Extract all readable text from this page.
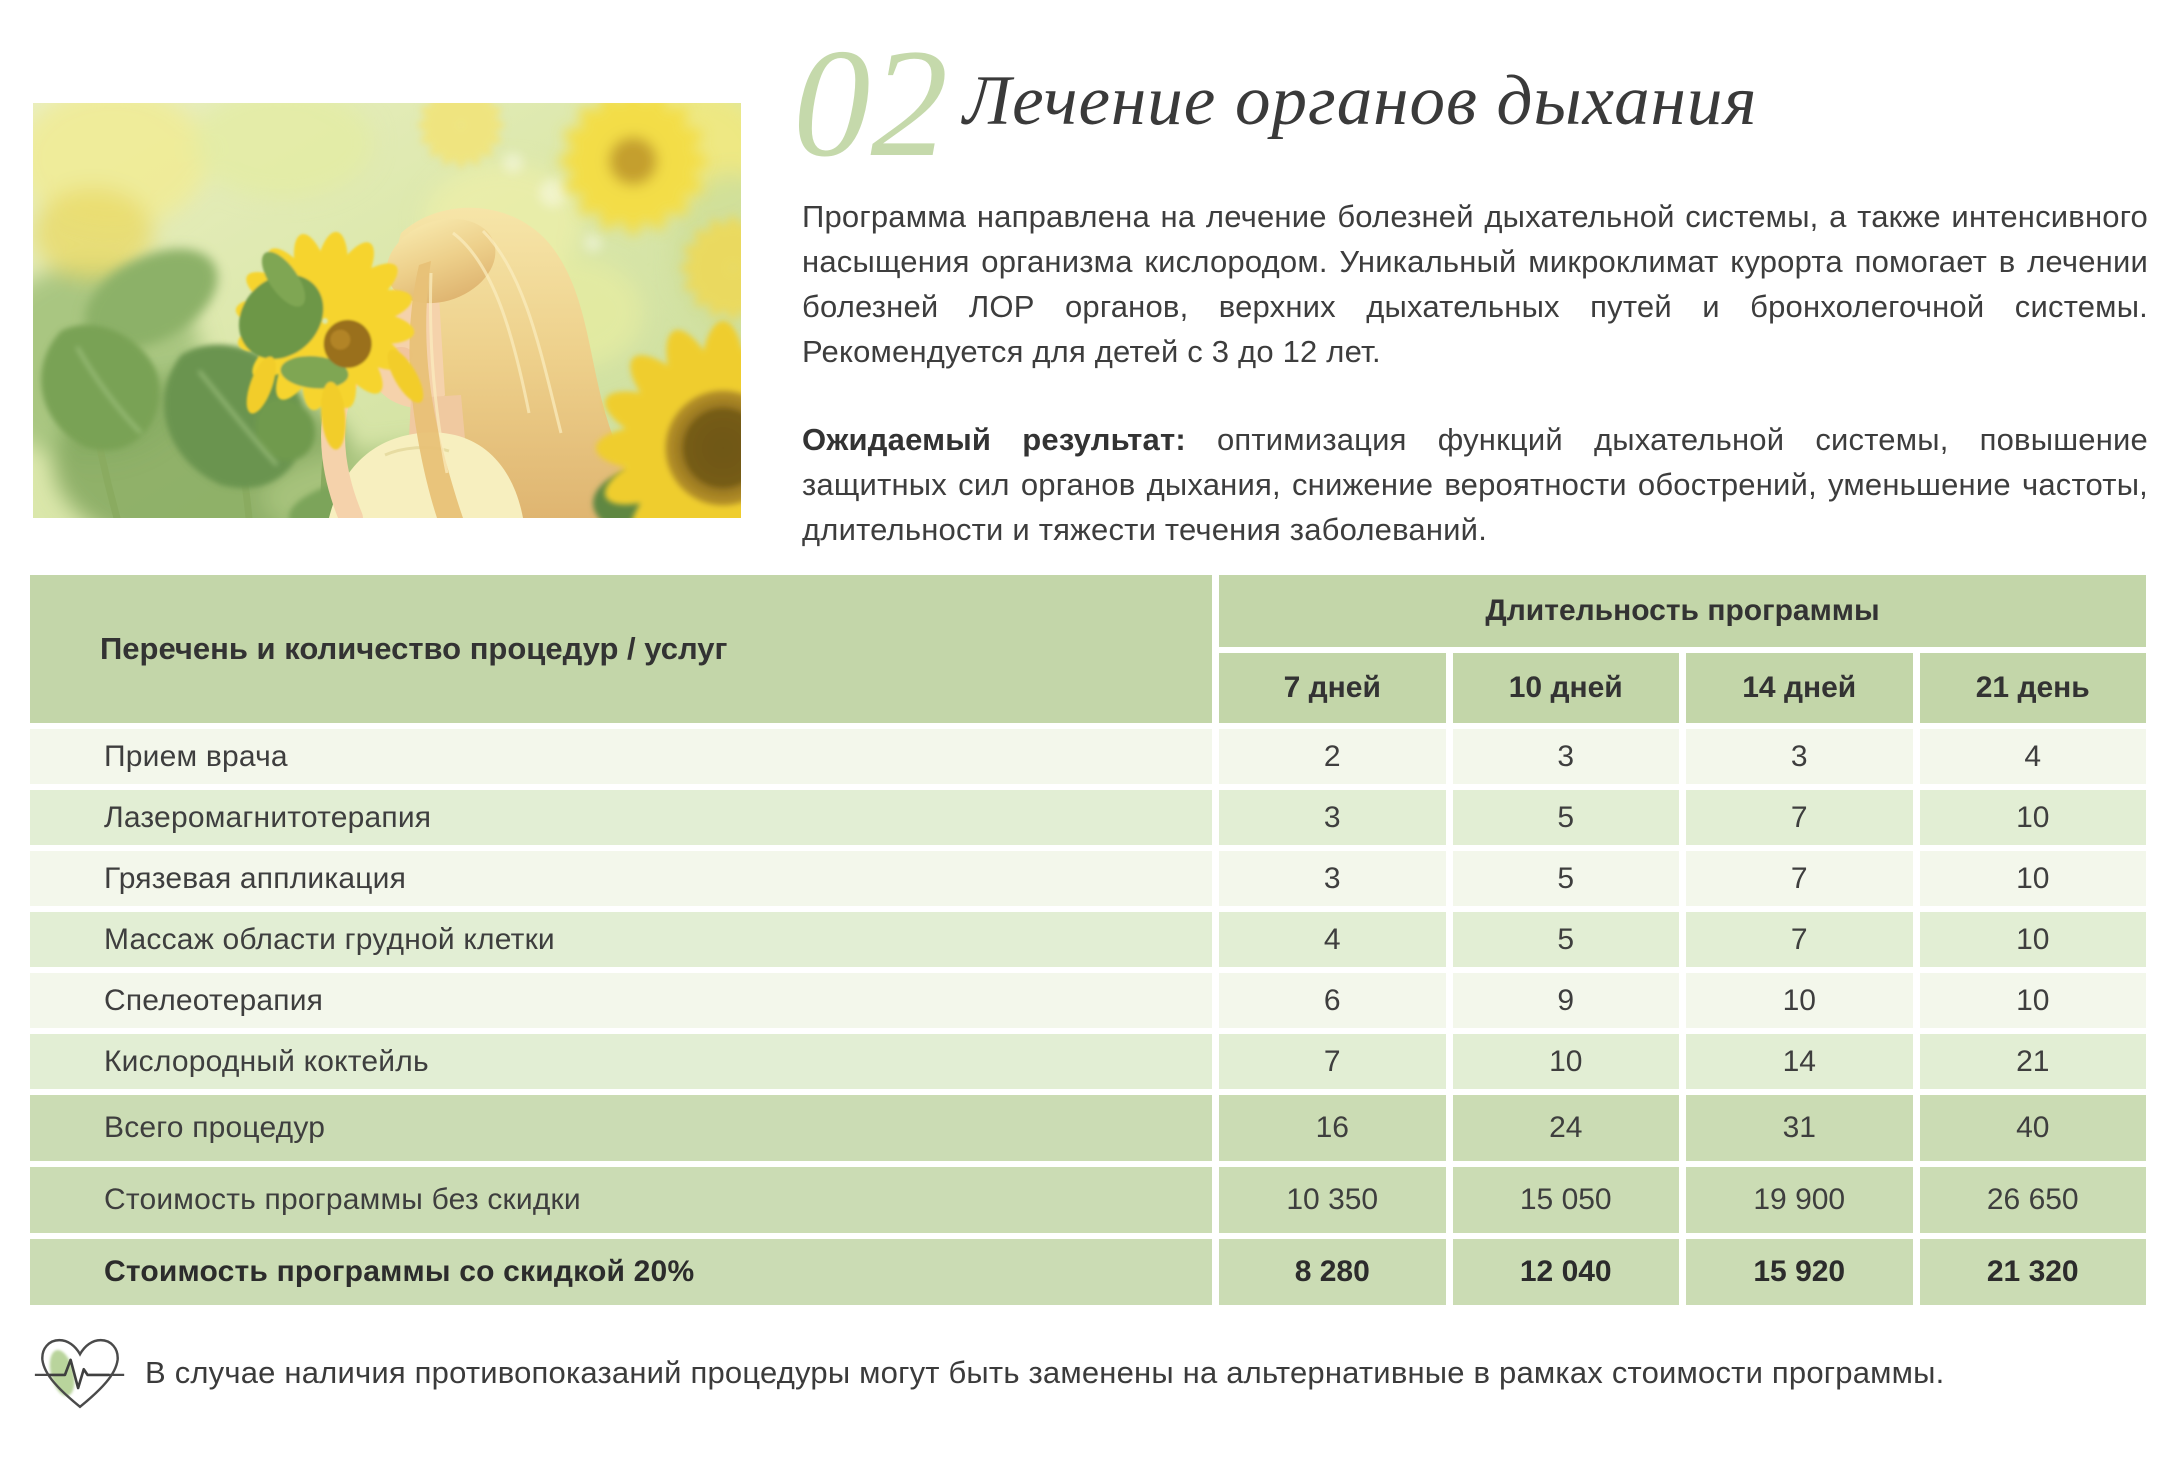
02 Лечение органов дыхания

Программа направлена на лечение болезней дыхательной системы, а также интенсивного насыщения организма кислородом. Уникальный микроклимат курорта помогает в лечении болезней ЛОР органов, верхних дыхательных путей и бронхолегочной системы. Рекомендуется для детей с 3 до 12 лет.

Ожидаемый результат: оптимизация функций дыхательной системы, повышение защитных сил органов дыхания, снижение вероятности обострений, уменьшение частоты, длительности и тяжести течения заболеваний.

Перечень и количество процедур / услуг
Длительность программы
7 дней	10 дней	14 дней	21 день
Прием врача	2	3	3	4
Лазеромагнитотерапия	3	5	7	10
Грязевая аппликация	3	5	7	10
Массаж области грудной клетки	4	5	7	10
Спелеотерапия	6	9	10	10
Кислородный коктейль	7	10	14	21
Всего процедур	16	24	31	40
Стоимость программы без скидки	10 350	15 050	19 900	26 650
Стоимость программы со скидкой 20%	8 280	12 040	15 920	21 320
В случае наличия противопоказаний процедуры могут быть заменены на альтернативные в рамках стоимости программы.
